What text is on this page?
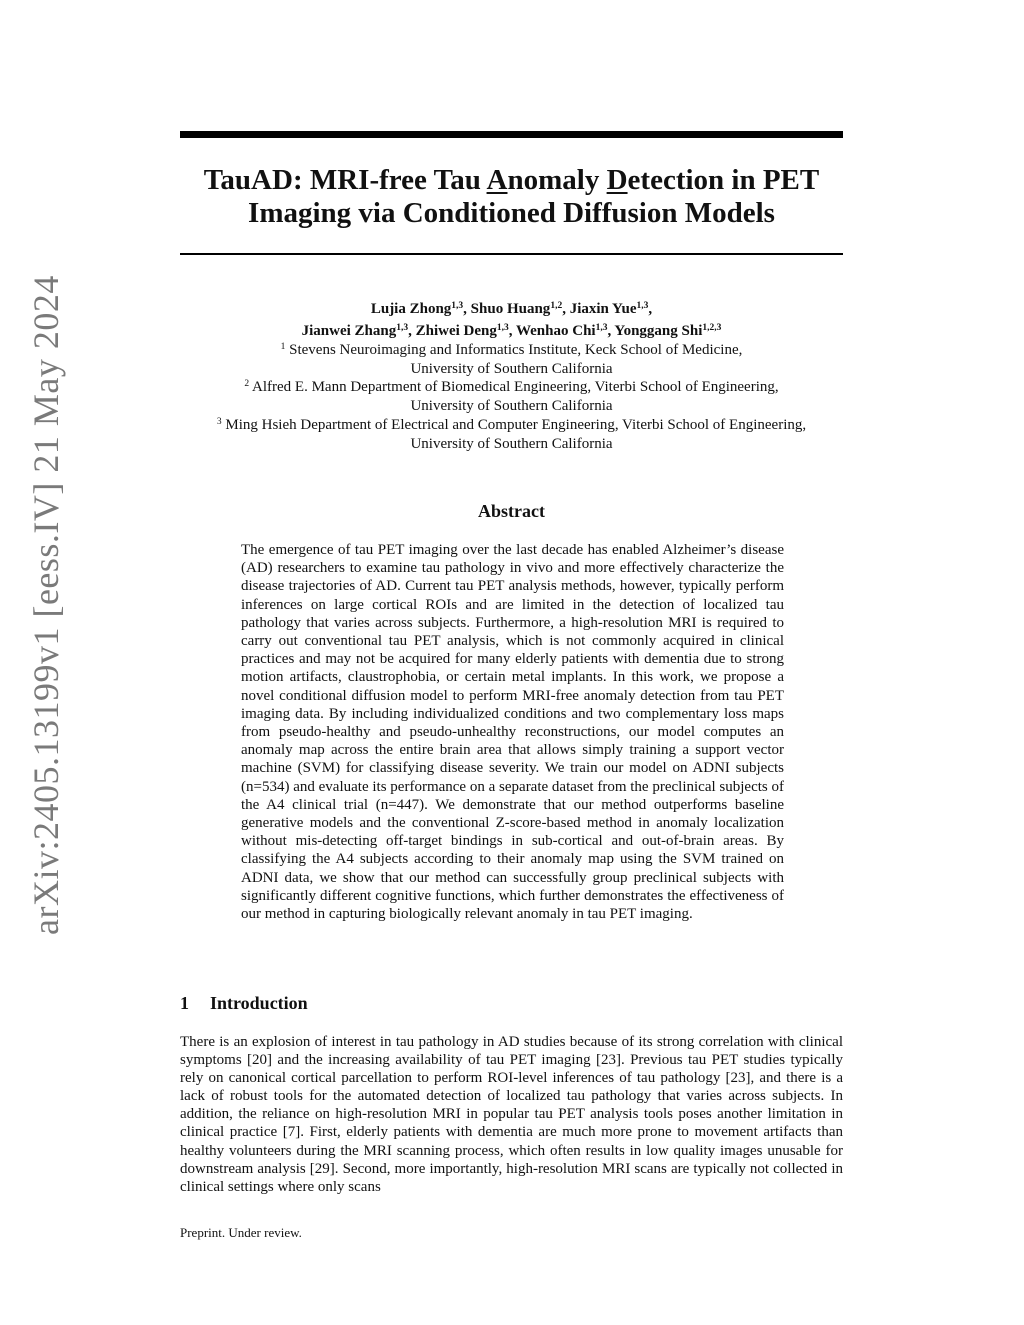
arXiv:2405.13199v1 [eess.IV] 21 May 2024
TauAD: MRI-free Tau Anomaly Detection in PET
Imaging via Conditioned Diffusion Models
Lujia Zhong$^{1,3}$, Shuo Huang$^{1,2}$, Jiaxin Yue$^{1,3}$,
Jianwei Zhang$^{1,3}$, Zhiwei Deng$^{1,3}$, Wenhao Chi$^{1,3}$, Yonggang Shi$^{1,2,3}$
$^1$ Stevens Neuroimaging and Informatics Institute, Keck School of Medicine,
University of Southern California
$^2$ Alfred E. Mann Department of Biomedical Engineering, Viterbi School of Engineering,
University of Southern California
$^3$ Ming Hsieh Department of Electrical and Computer Engineering, Viterbi School of Engineering,
University of Southern California
Abstract
The emergence of tau PET imaging over the last decade has enabled Alzheimer’s disease (AD) researchers to examine tau pathology in vivo and more effectively characterize the disease trajectories of AD. Current tau PET analysis methods, however, typically perform inferences on large cortical ROIs and are limited in the detection of localized tau pathology that varies across subjects. Furthermore, a high-resolution MRI is required to carry out conventional tau PET analysis, which is not commonly acquired in clinical practices and may not be acquired for many elderly patients with dementia due to strong motion artifacts, claustrophobia, or certain metal implants. In this work, we propose a novel conditional diffusion model to perform MRI-free anomaly detection from tau PET imaging data. By including individualized conditions and two complementary loss maps from pseudo-healthy and pseudo-unhealthy reconstructions, our model computes an anomaly map across the entire brain area that allows simply training a support vector machine (SVM) for classifying disease severity. We train our model on ADNI subjects (n=534) and evaluate its performance on a separate dataset from the preclinical subjects of the A4 clinical trial (n=447). We demonstrate that our method outperforms baseline generative models and the conventional Z-score-based method in anomaly localization without mis-detecting off-target bindings in sub-cortical and out-of-brain areas. By classifying the A4 subjects according to their anomaly map using the SVM trained on ADNI data, we show that our method can successfully group preclinical subjects with significantly different cognitive functions, which further demonstrates the effectiveness of our method in capturing biologically relevant anomaly in tau PET imaging.
1 Introduction
There is an explosion of interest in tau pathology in AD studies because of its strong correlation with clinical symptoms [20] and the increasing availability of tau PET imaging [23]. Previous tau PET studies typically rely on canonical cortical parcellation to perform ROI-level inferences of tau pathology [23], and there is a lack of robust tools for the automated detection of localized tau pathology that varies across subjects. In addition, the reliance on high-resolution MRI in popular tau PET analysis tools poses another limitation in clinical practice [7]. First, elderly patients with dementia are much more prone to movement artifacts than healthy volunteers during the MRI scanning process, which often results in low quality images unusable for downstream analysis [29]. Second, more importantly, high-resolution MRI scans are typically not collected in clinical settings where only scans
Preprint. Under review.
